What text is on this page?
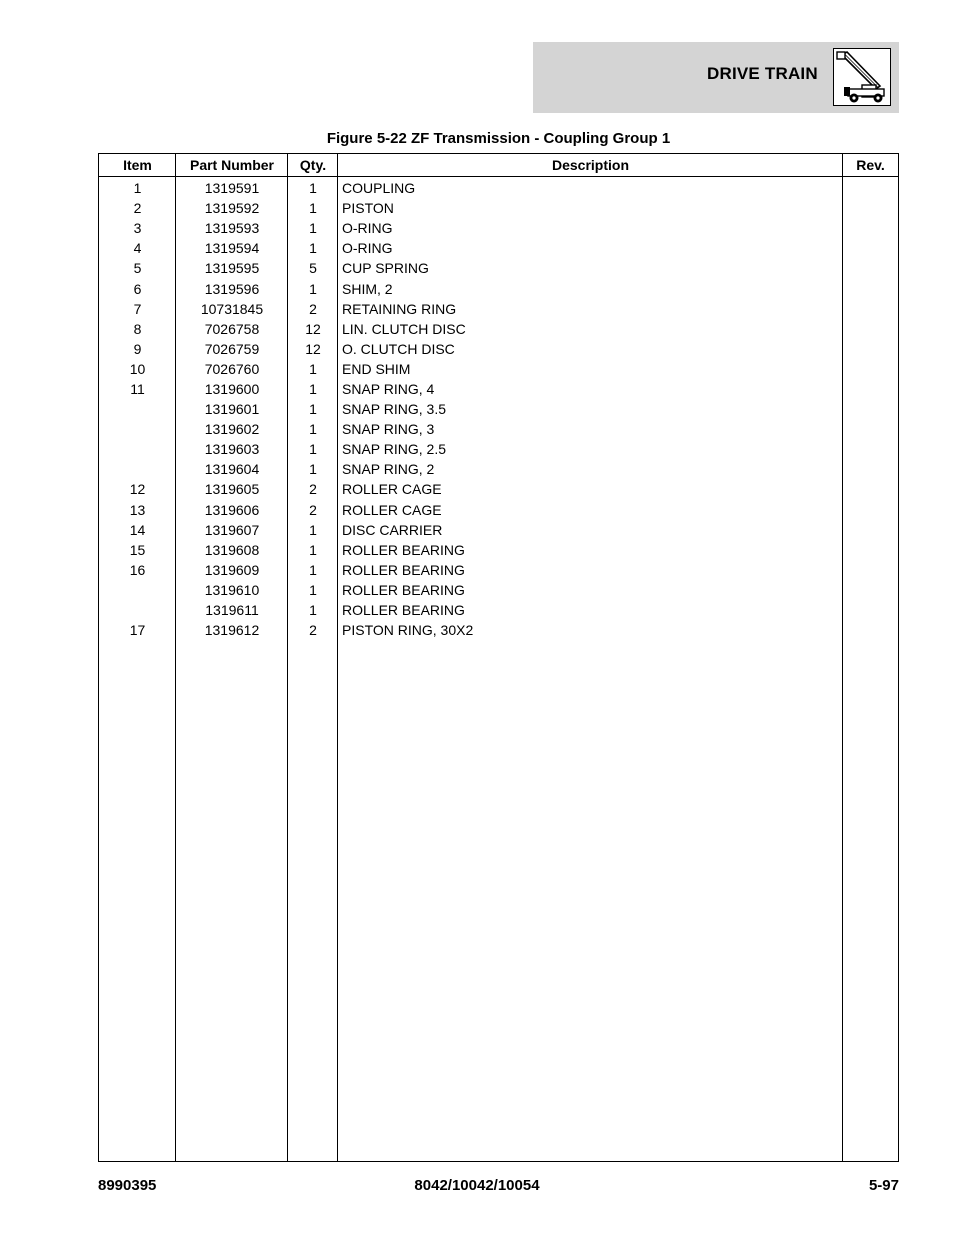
DRIVE TRAIN
Figure 5-22 ZF Transmission - Coupling Group 1
Item	Part Number	Qty.	Description	Rev.
1	1319591	1	COUPLING	
2	1319592	1	PISTON	
3	1319593	1	O-RING	
4	1319594	1	O-RING	
5	1319595	5	CUP SPRING	
6	1319596	1	SHIM, 2	
7	10731845	2	RETAINING RING	
8	7026758	12	LIN. CLUTCH DISC	
9	7026759	12	O. CLUTCH DISC	
10	7026760	1	END SHIM	
11	1319600	1	SNAP RING, 4	
	1319601	1	SNAP RING, 3.5	
	1319602	1	SNAP RING, 3	
	1319603	1	SNAP RING, 2.5	
	1319604	1	SNAP RING, 2	
12	1319605	2	ROLLER CAGE	
13	1319606	2	ROLLER CAGE	
14	1319607	1	DISC CARRIER	
15	1319608	1	ROLLER BEARING	
16	1319609	1	ROLLER BEARING	
	1319610	1	ROLLER BEARING	
	1319611	1	ROLLER BEARING	
17	1319612	2	PISTON RING, 30X2	
8990395	8042/10042/10054	5-97
